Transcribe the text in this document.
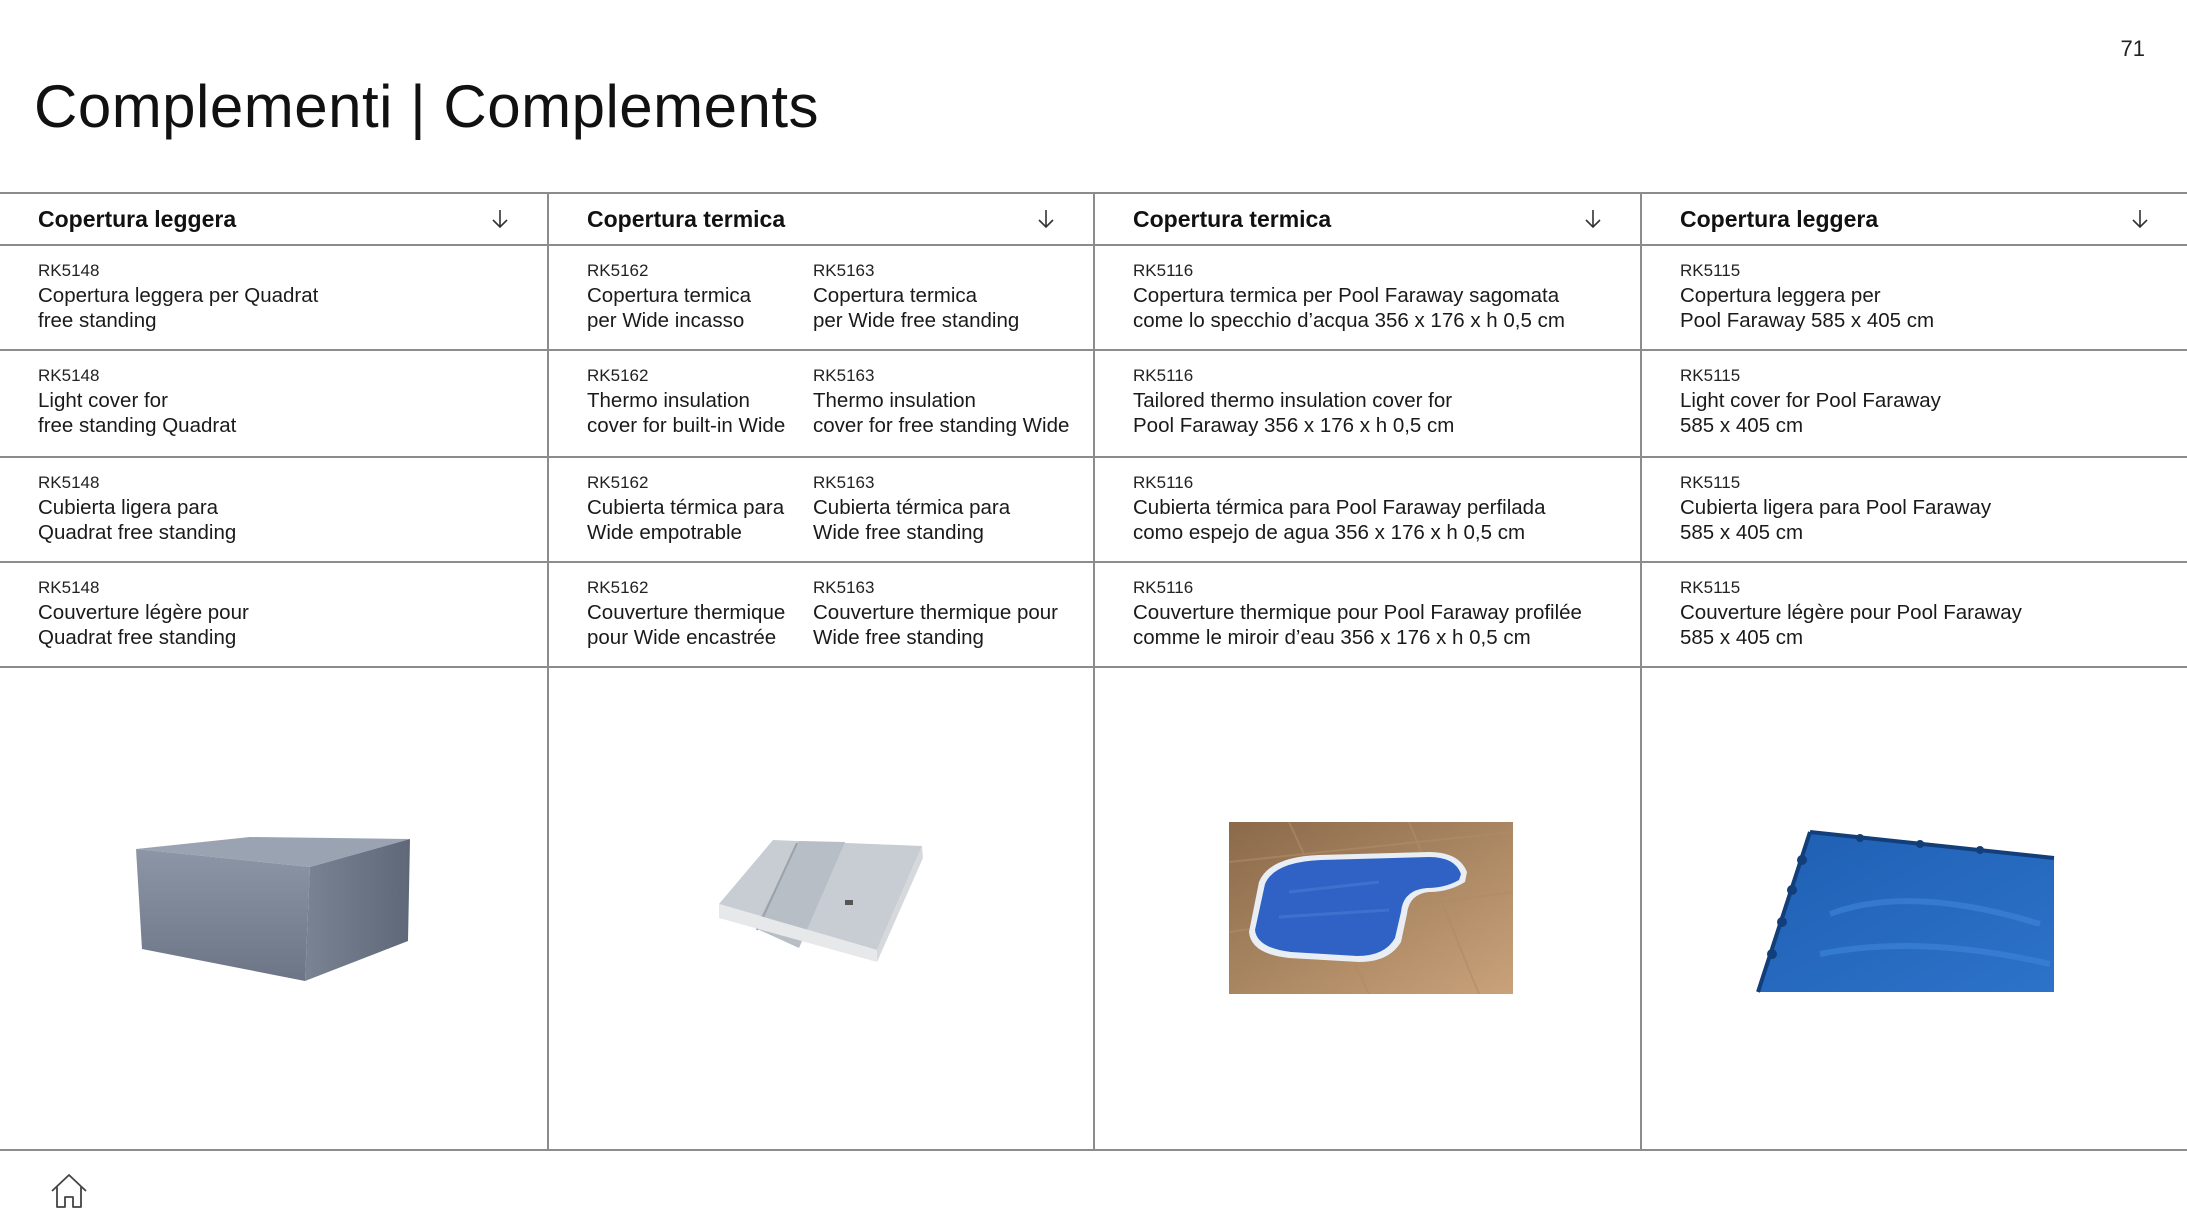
71
Complementi | Complements
Copertura leggera
RK5148
Copertura leggera per Quadrat
free standing
RK5148
Light cover for
free standing Quadrat
RK5148
Cubierta ligera para
Quadrat free standing
RK5148
Couverture légère pour
Quadrat free standing
Copertura termica
RK5162
Copertura termica
per Wide incasso
RK5163
Copertura termica
per Wide free standing
RK5162
Thermo insulation
cover for built-in Wide
RK5163
Thermo insulation
cover for free standing Wide
RK5162
Cubierta térmica para
Wide empotrable
RK5163
Cubierta térmica para
Wide free standing
RK5162
Couverture thermique
pour Wide encastrée
RK5163
Couverture thermique pour
Wide free standing
Copertura termica
RK5116
Copertura termica per Pool Faraway sagomata
come lo specchio d’acqua 356 x 176 x h 0,5 cm
RK5116
Tailored thermo insulation cover for
Pool Faraway 356 x 176 x h 0,5 cm
RK5116
Cubierta térmica para Pool Faraway perfilada
como espejo de agua 356 x 176 x h 0,5 cm
RK5116
Couverture thermique pour Pool Faraway profilée
comme le miroir d’eau 356 x 176 x h 0,5 cm
Copertura leggera
RK5115
Copertura leggera per
Pool Faraway 585 x 405 cm
RK5115
Light cover for Pool Faraway
585 x 405 cm
RK5115
Cubierta ligera para Pool Faraway
585 x 405 cm
RK5115
Couverture légère pour Pool Faraway
585 x 405 cm
